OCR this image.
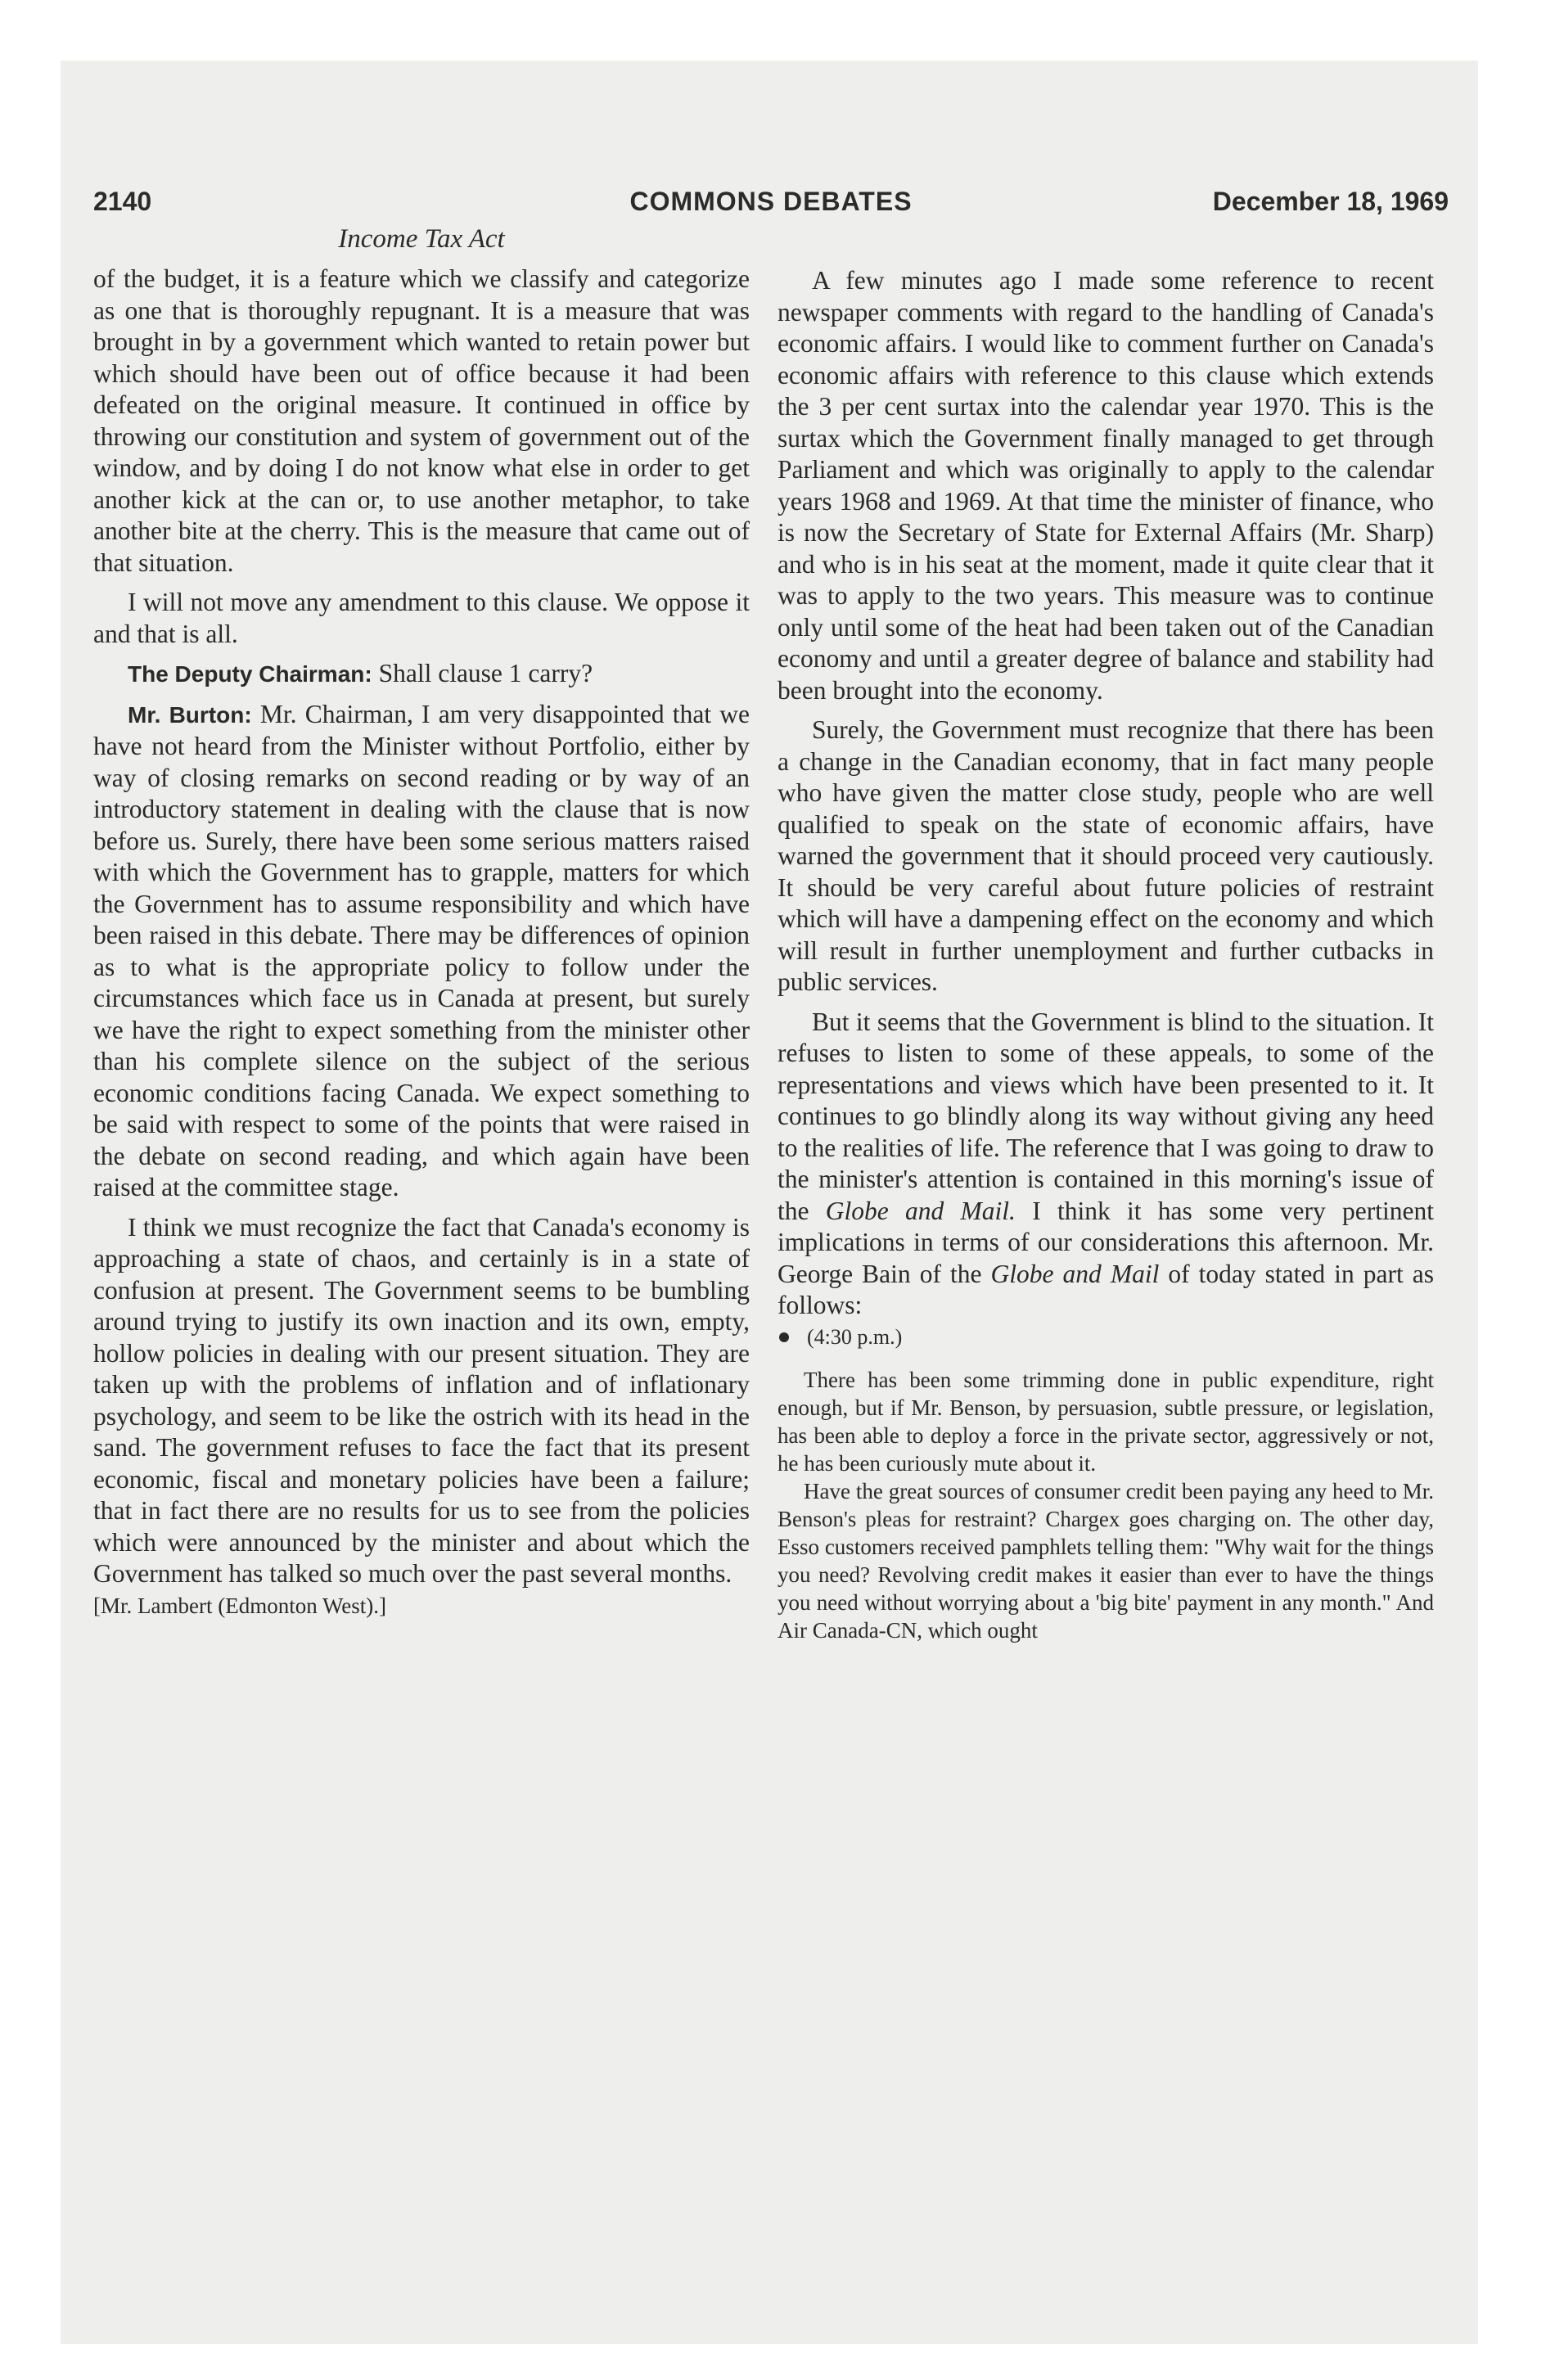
2140	COMMONS DEBATES	December 18, 1969
Income Tax Act

of the budget, it is a feature which we classify and categorize as one that is thoroughly repugnant. It is a measure that was brought in by a government which wanted to retain power but which should have been out of office because it had been defeated on the original measure. It continued in office by throwing our constitution and system of government out of the window, and by doing I do not know what else in order to get another kick at the can or, to use another metaphor, to take another bite at the cherry. This is the measure that came out of that situation.

I will not move any amendment to this clause. We oppose it and that is all.

The Deputy Chairman: Shall clause 1 carry?

Mr. Burton: Mr. Chairman, I am very disappointed that we have not heard from the Minister without Portfolio, either by way of closing remarks on second reading or by way of an introductory statement in dealing with the clause that is now before us. Surely, there have been some serious matters raised with which the Government has to grapple, matters for which the Government has to assume responsibility and which have been raised in this debate. There may be differences of opinion as to what is the appropriate policy to follow under the circumstances which face us in Canada at present, but surely we have the right to expect something from the minister other than his complete silence on the subject of the serious economic conditions facing Canada. We expect something to be said with respect to some of the points that were raised in the debate on second reading, and which again have been raised at the committee stage.

I think we must recognize the fact that Canada's economy is approaching a state of chaos, and certainly is in a state of confusion at present. The Government seems to be bumbling around trying to justify its own inaction and its own, empty, hollow policies in dealing with our present situation. They are taken up with the problems of inflation and of inflationary psychology, and seem to be like the ostrich with its head in the sand. The government refuses to face the fact that its present economic, fiscal and monetary policies have been a failure; that in fact there are no results for us to see from the policies which were announced by the minister and about which the Government has talked so much over the past several months.

[Mr. Lambert (Edmonton West).]

A few minutes ago I made some reference to recent newspaper comments with regard to the handling of Canada's economic affairs. I would like to comment further on Canada's economic affairs with reference to this clause which extends the 3 per cent surtax into the calendar year 1970. This is the surtax which the Government finally managed to get through Parliament and which was originally to apply to the calendar years 1968 and 1969. At that time the minister of finance, who is now the Secretary of State for External Affairs (Mr. Sharp) and who is in his seat at the moment, made it quite clear that it was to apply to the two years. This measure was to continue only until some of the heat had been taken out of the Canadian economy and until a greater degree of balance and stability had been brought into the economy.

Surely, the Government must recognize that there has been a change in the Canadian economy, that in fact many people who have given the matter close study, people who are well qualified to speak on the state of economic affairs, have warned the government that it should proceed very cautiously. It should be very careful about future policies of restraint which will have a dampening effect on the economy and which will result in further unemployment and further cutbacks in public services.

But it seems that the Government is blind to the situation. It refuses to listen to some of these appeals, to some of the representations and views which have been presented to it. It continues to go blindly along its way without giving any heed to the realities of life. The reference that I was going to draw to the minister's attention is contained in this morning's issue of the Globe and Mail. I think it has some very pertinent implications in terms of our considerations this afternoon. Mr. George Bain of the Globe and Mail of today stated in part as follows:

(4:30 p.m.)

There has been some trimming done in public expenditure, right enough, but if Mr. Benson, by persuasion, subtle pressure, or legislation, has been able to deploy a force in the private sector, aggressively or not, he has been curiously mute about it.

Have the great sources of consumer credit been paying any heed to Mr. Benson's pleas for restraint? Chargex goes charging on. The other day, Esso customers received pamphlets telling them: "Why wait for the things you need? Revolving credit makes it easier than ever to have the things you need without worrying about a 'big bite' payment in any month." And Air Canada-CN, which ought
